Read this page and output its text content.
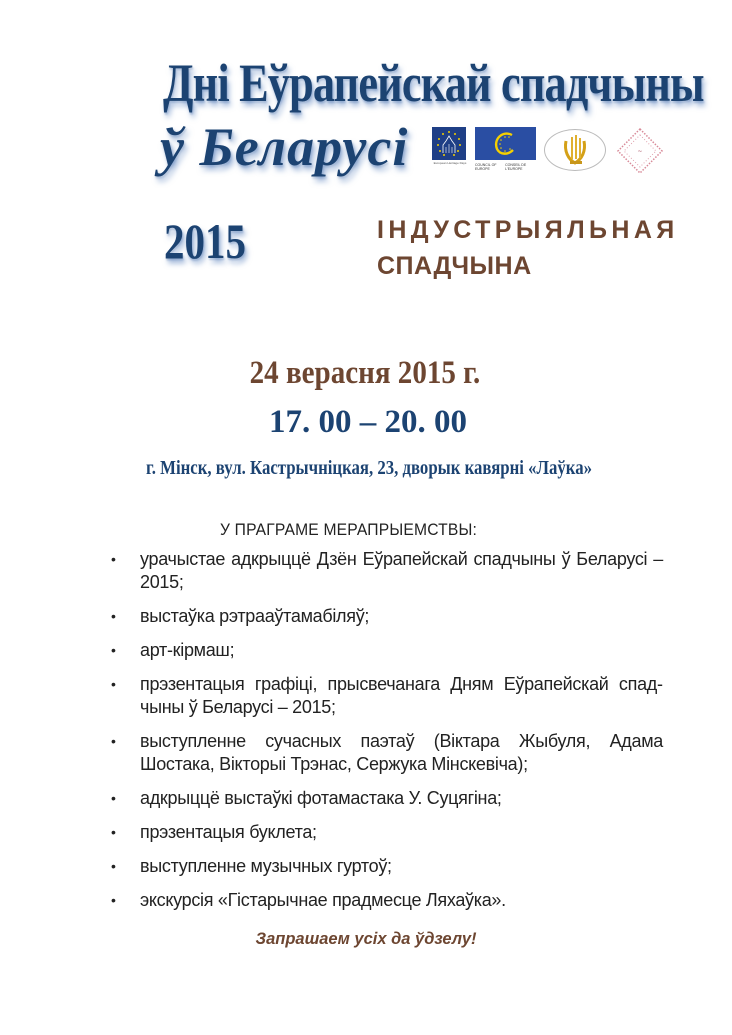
Дні Еўрапейскай спадчыны
ў Беларусі
2015	ІНДУСТРЫЯЛЬНАЯ
СПАДЧЫНА
European Heritage Days	COUNCIL OF EUROPE
CONSEIL DE L'EUROPE
~
24 верасня 2015 г.
17. 00 – 20. 00
г. Мінск, вул. Кастрычніцкая, 23, дворык кавярні «Лаўка»
У ПРАГРАМЕ МЕРАПРЫЕМСТВЫ:
• урачыстае адкрыццё Дзён Еўрапейскай спадчыны ў Беларусі – 2015;
• выстаўка рэтрааўтамабіляў;
• арт-кірмаш;
• прэзентацыя графіці, прысвечанага Дням Еўрапейскай спадчыны ў Беларусі – 2015;
• выступленне сучасных паэтаў (Віктара Жыбуля, Адама Шостака, Вікторыі Трэнас, Сержука Мінскевіча);
• адкрыццё выстаўкі фотамастака У. Суцягіна;
• прэзентацыя буклета;
• выступленне музычных гуртоў;
• экскурсія «Гістарычнае прадмесце Ляхаўка».
Запрашаем усіх да ўдзелу!
